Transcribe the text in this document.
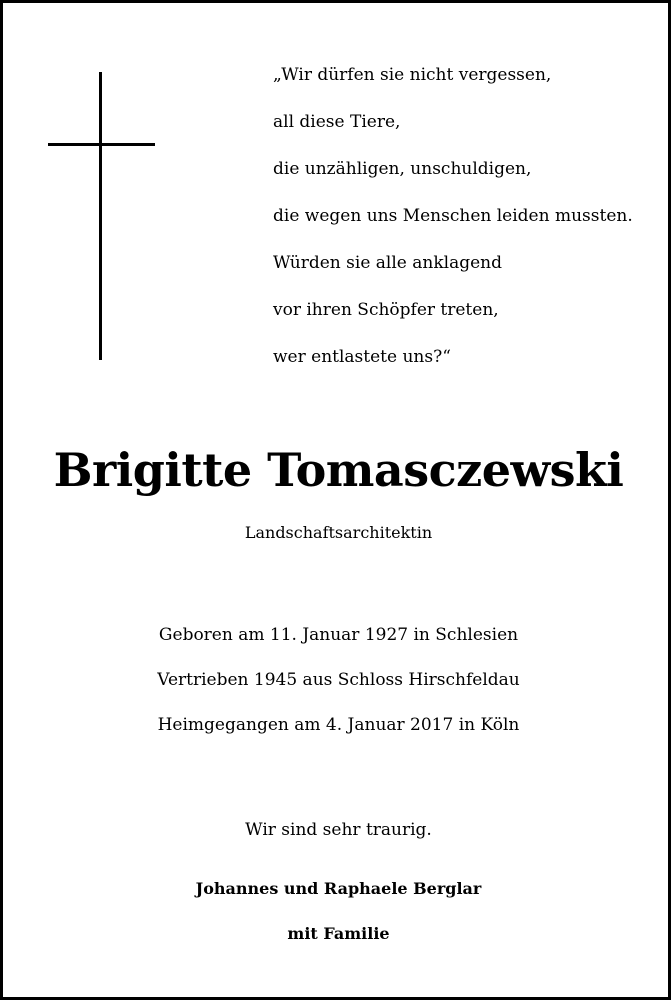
„Wir dürfen sie nicht vergessen,
all diese Tiere,
die unzähligen, unschuldigen,
die wegen uns Menschen leiden mussten.
Würden sie alle anklagend
vor ihren Schöpfer treten,
wer entlastete uns?“
Brigitte Tomasczewski
Landschaftsarchitektin
Geboren am 11. Januar 1927 in Schlesien
Vertrieben 1945 aus Schloss Hirschfeldau
Heimgegangen am 4. Januar 2017 in Köln
Wir sind sehr traurig.
Johannes und Raphaele Berglar
mit Familie
